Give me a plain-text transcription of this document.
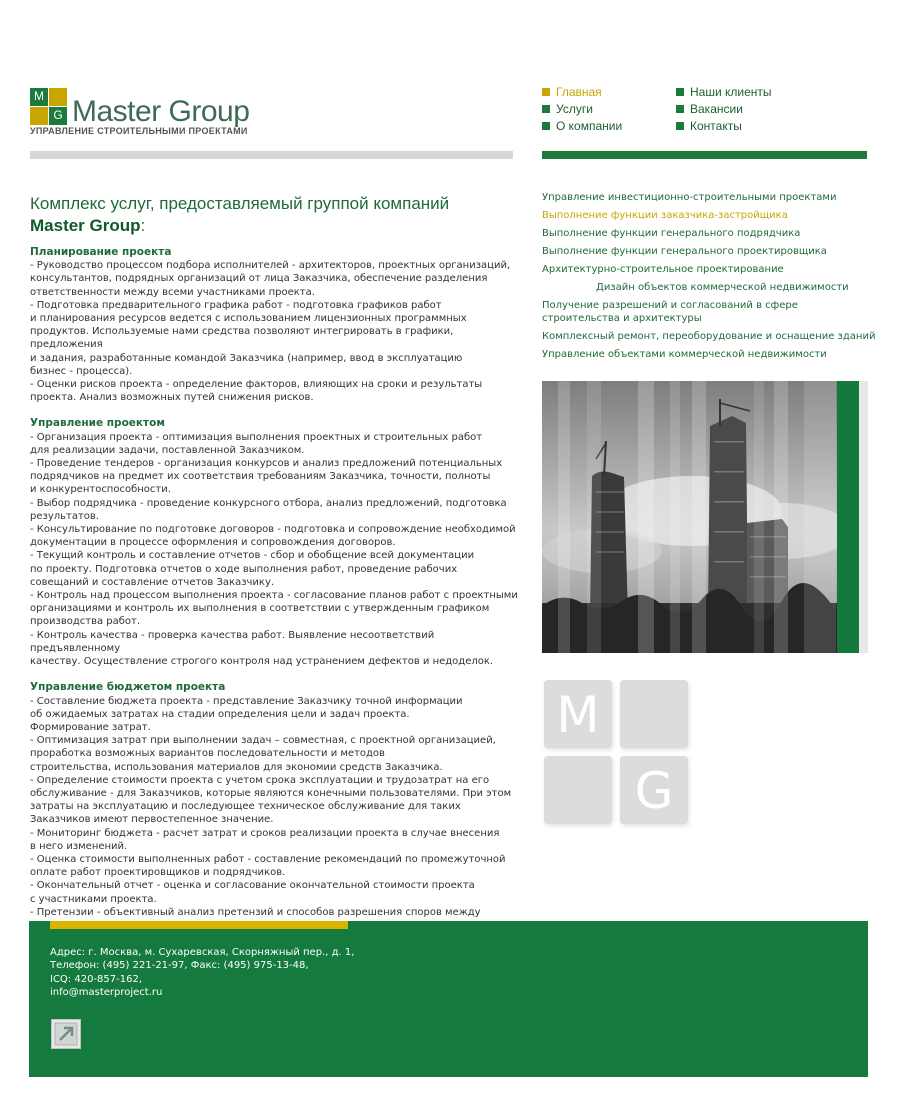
M
G Master Group
УПРАВЛЕНИЕ СТРОИТЕЛЬНЫМИ ПРОЕКТАМИ
Главная
Услуги
О компании
Наши клиенты
Вакансии
Контакты
Комплекс услуг, предоставляемый группой компаний Master Group:
Планирование проекта
- Руководство процессом подбора исполнителей - архитекторов, проектных организаций,
консультантов, подрядных организаций от лица Заказчика, обеспечение разделения
ответственности между всеми участниками проекта.
- Подготовка предварительного графика работ - подготовка графиков работ
и планирования ресурсов ведется с использованием лицензионных программных
продуктов. Используемые нами средства позволяют интегрировать в графики, предложения
и задания, разработанные командой Заказчика (например, ввод в эксплуатацию
бизнес - процесса).
- Оценки рисков проекта - определение факторов, влияющих на сроки и результаты
проекта. Анализ возможных путей снижения рисков.
Управление проектом
- Организация проекта - оптимизация выполнения проектных и строительных работ
для реализации задачи, поставленной Заказчиком.
- Проведение тендеров - организация конкурсов и анализ предложений потенциальных
подрядчиков на предмет их соответствия требованиям Заказчика, точности, полноты
и конкурентоспособности.
- Выбор подрядчика - проведение конкурсного отбора, анализ предложений, подготовка
результатов.
- Консультирование по подготовке договоров - подготовка и сопровождение необходимой
документации в процессе оформления и сопровождения договоров.
- Текущий контроль и составление отчетов - сбор и обобщение всей документации
по проекту. Подготовка отчетов о ходе выполнения работ, проведение рабочих
совещаний и составление отчетов Заказчику.
- Контроль над процессом выполнения проекта - согласование планов работ с проектными
организациями и контроль их выполнения в соответствии с утвержденным графиком
производства работ.
- Контроль качества - проверка качества работ. Выявление несоответствий предъявленному
качеству. Осуществление строгого контроля над устранением дефектов и недоделок.
Управление бюджетом проекта
- Составление бюджета проекта - представление Заказчику точной информации
об ожидаемых затратах на стадии определения цели и задач проекта.
Формирование затрат.
- Оптимизация затрат при выполнении задач – совместная, с проектной организацией,
проработка возможных вариантов последовательности и методов
строительства, использования материалов для экономии средств Заказчика.
- Определение стоимости проекта с учетом срока эксплуатации и трудозатрат на его
обслуживание - для Заказчиков, которые являются конечными пользователями. При этом
затраты на эксплуатацию и последующее техническое обслуживание для таких
Заказчиков имеют первостепенное значение.
- Мониторинг бюджета - расчет затрат и сроков реализации проекта в случае внесения
в него изменений.
- Оценка стоимости выполненных работ - составление рекомендаций по промежуточной
оплате работ проектировщиков и подрядчиков.
- Окончательный отчет - оценка и согласование окончательной стоимости проекта
с участниками проекта.
- Претензии - объективный анализ претензий и способов разрешения споров между

Управление инвестиционно-строительными проектами
Выполнение функции заказчика-застройщика
Выполнение функции генерального подрядчика
Выполнение функции генерального проектировщика
Архитектурно-строительное проектирование
Дизайн объектов коммерческой недвижимости
Получение разрешений и согласований в сфере
строительства и архитектуры
Комплексный ремонт, переоборудование и оснащение зданий
Управление объектами коммерческой недвижимости
M
G
Адрес: г. Москва, м. Сухаревская, Скорняжный пер., д. 1,
Телефон: (495) 221-21-97, Факс: (495) 975-13-48,
ICQ: 420-857-162,
info@masterproject.ru
